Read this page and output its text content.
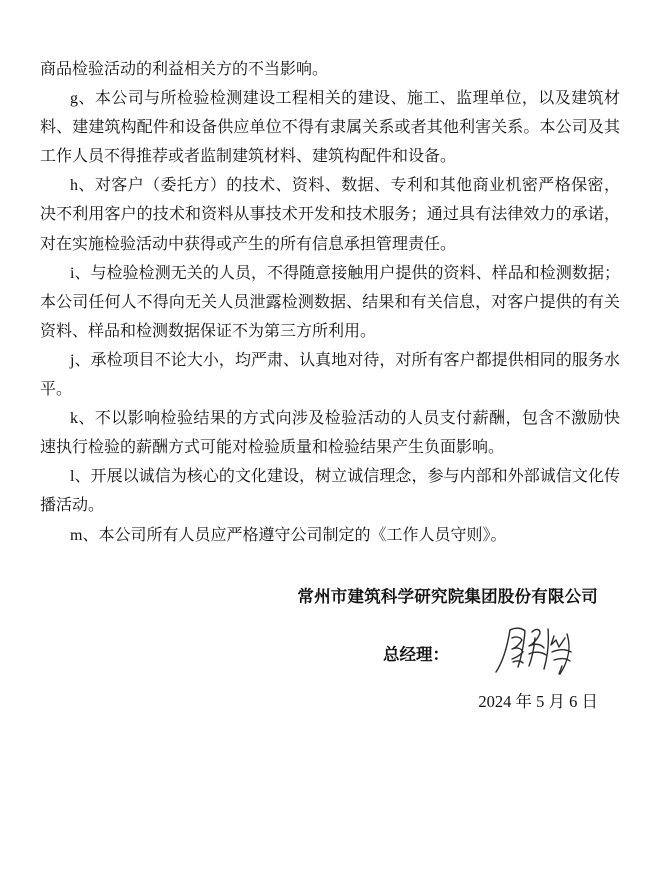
商品检验活动的利益相关方的不当影响。

g、本公司与所检验检测建设工程相关的建设、施工、监理单位，以及建筑材料、建建筑构配件和设备供应单位不得有隶属关系或者其他利害关系。本公司及其工作人员不得推荐或者监制建筑材料、建筑构配件和设备。

h、对客户（委托方）的技术、资料、数据、专利和其他商业机密严格保密，决不利用客户的技术和资料从事技术开发和技术服务；通过具有法律效力的承诺，对在实施检验活动中获得或产生的所有信息承担管理责任。

i、与检验检测无关的人员，不得随意接触用户提供的资料、样品和检测数据；本公司任何人不得向无关人员泄露检测数据、结果和有关信息，对客户提供的有关资料、样品和检测数据保证不为第三方所利用。

j、承检项目不论大小，均严肃、认真地对待，对所有客户都提供相同的服务水平。

k、不以影响检验结果的方式向涉及检验活动的人员支付薪酬，包含不激励快速执行检验的薪酬方式可能对检验质量和检验结果产生负面影响。

l、开展以诚信为核心的文化建设，树立诚信理念，参与内部和外部诚信文化传播活动。

m、本公司所有人员应严格遵守公司制定的《工作人员守则》。

常州市建筑科学研究院集团股份有限公司
总经理：
2024 年 5 月 6 日
